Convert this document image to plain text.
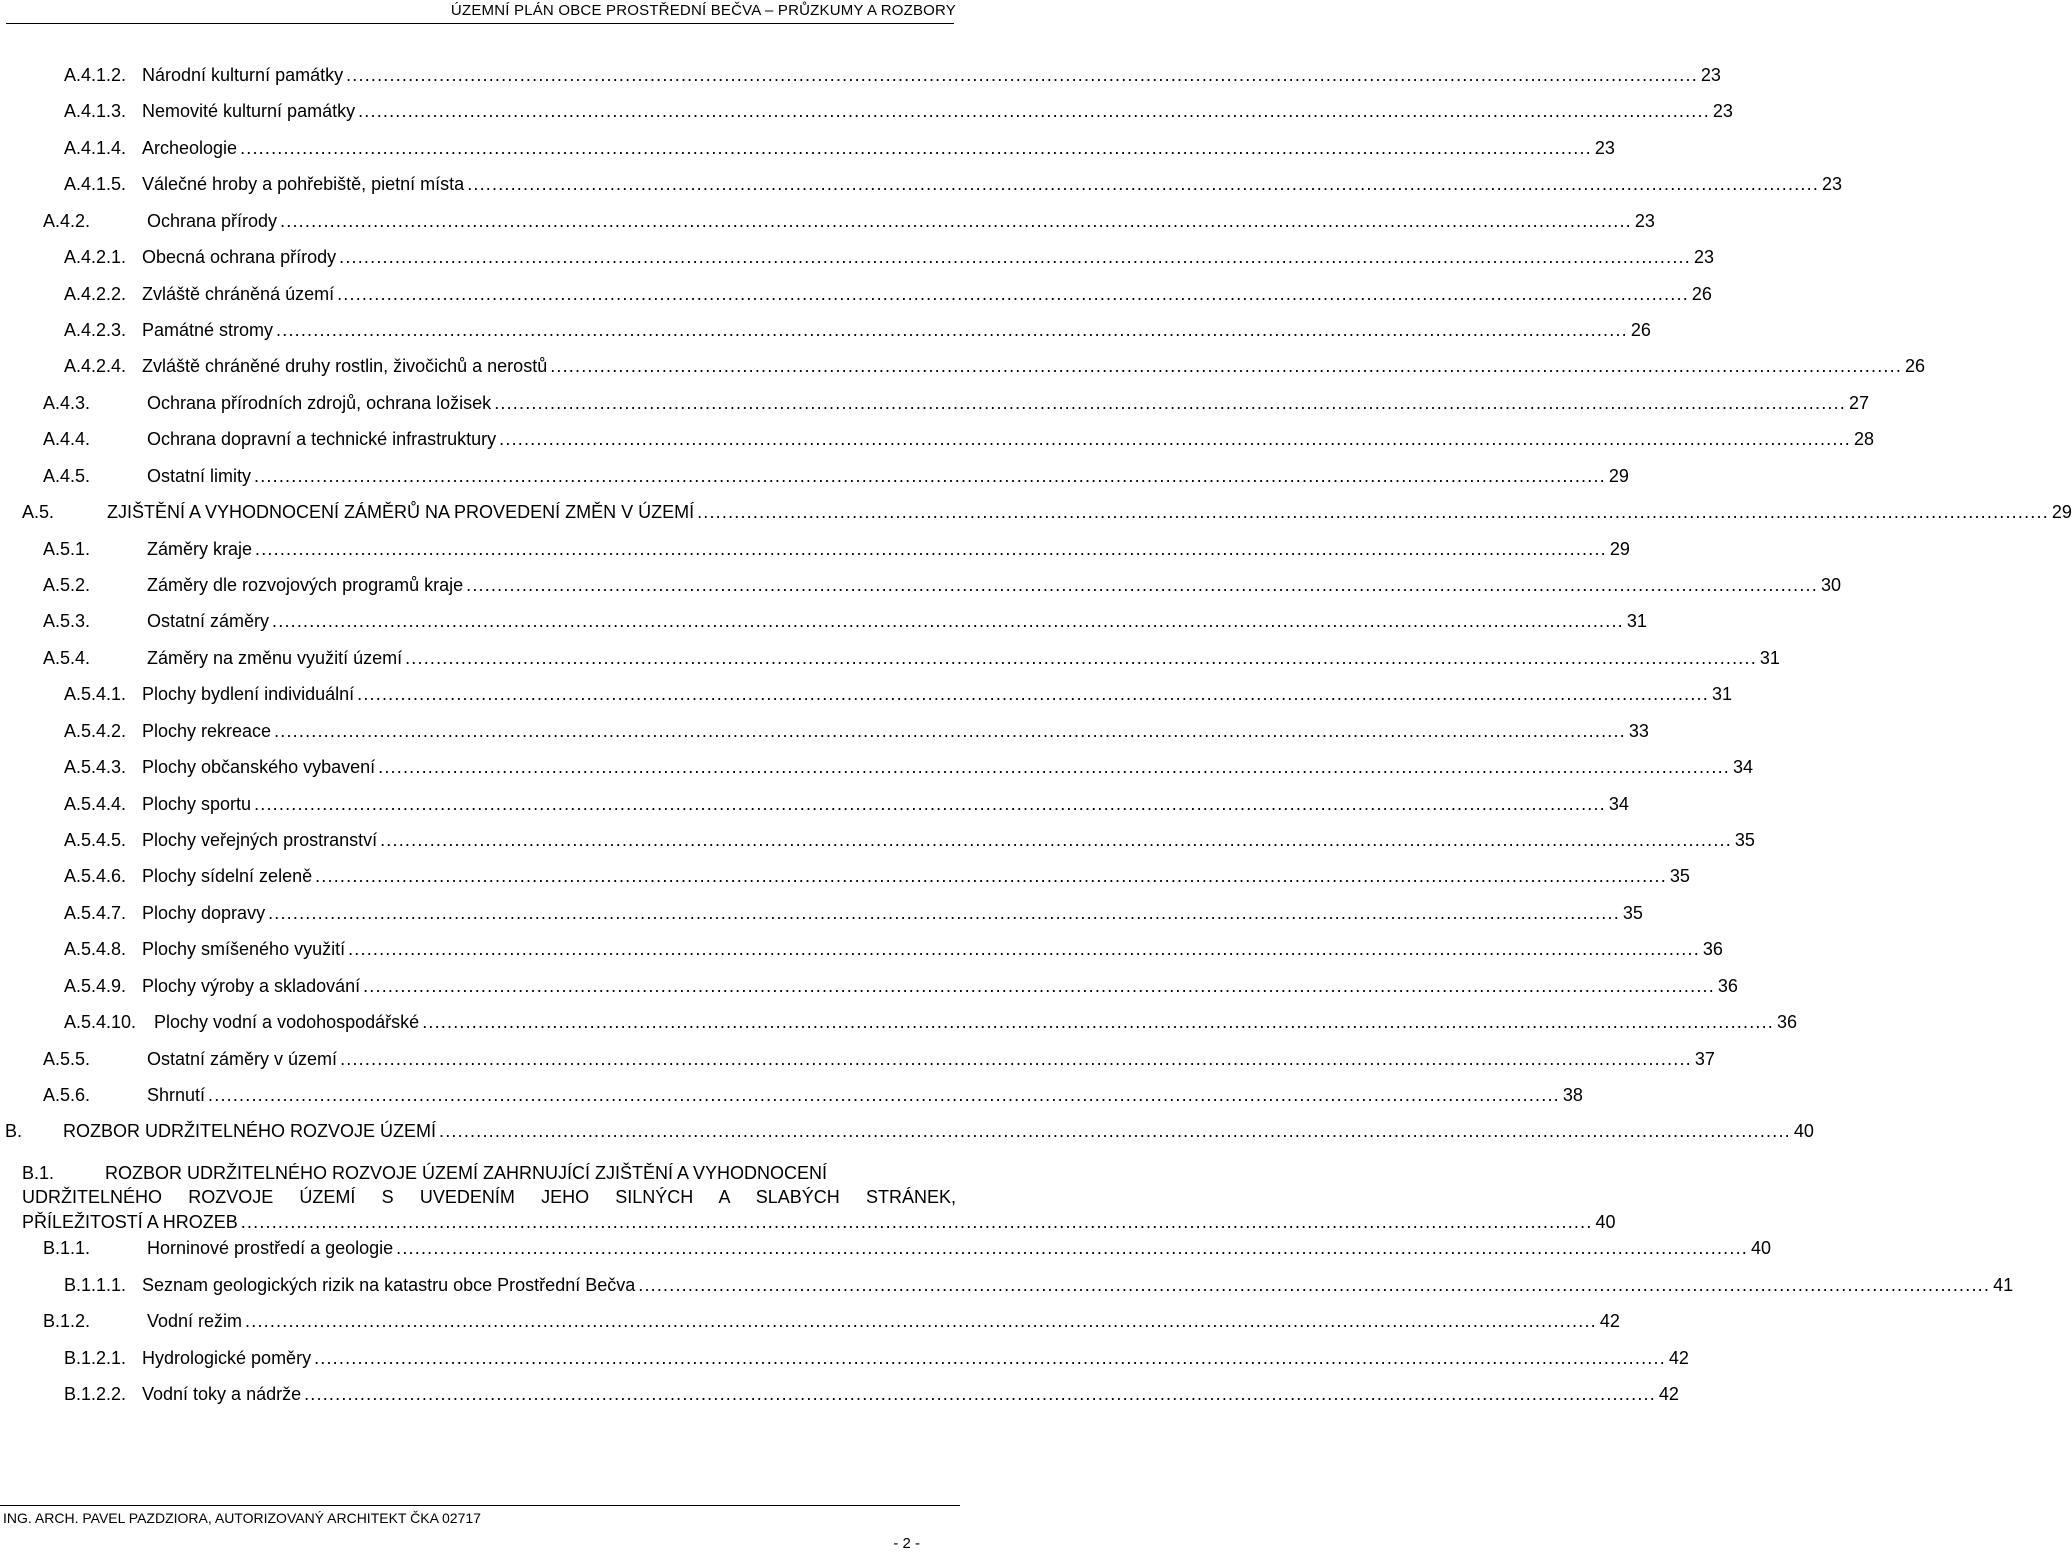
ÚZEMNÍ PLÁN OBCE PROSTŘEDNÍ BEČVA – PRŮZKUMY A ROZBORY
A.4.1.2. Národní kulturní památky .......................................................................................................................................................................................................................... 23
A.4.1.3. Nemovité kulturní památky .......................................................................................................................................................................................................................... 23
A.4.1.4. Archeologie .......................................................................................................................................................................................................................... 23
A.4.1.5. Válečné hroby a pohřebiště, pietní místa .......................................................................................................................................................................................................................... 23
A.4.2.	Ochrana přírody .......................................................................................................................................................................................................................... 23
A.4.2.1. Obecná ochrana přírody .......................................................................................................................................................................................................................... 23
A.4.2.2. Zvláště chráněná území .......................................................................................................................................................................................................................... 26
A.4.2.3. Památné stromy .......................................................................................................................................................................................................................... 26
A.4.2.4. Zvláště chráněné druhy rostlin, živočichů a nerostů .......................................................................................................................................................................................................................... 26
A.4.3.	Ochrana přírodních zdrojů, ochrana ložisek .......................................................................................................................................................................................................................... 27
A.4.4.	Ochrana dopravní a technické infrastruktury .......................................................................................................................................................................................................................... 28
A.4.5.	Ostatní limity .......................................................................................................................................................................................................................... 29
A.5.	ZJIŠTĚNÍ A VYHODNOCENÍ ZÁMĚRŮ NA PROVEDENÍ ZMĚN V ÚZEMÍ .......................................................................................................................................................................................................................... 29
A.5.1.	Záměry kraje .......................................................................................................................................................................................................................... 29
A.5.2.	Záměry dle rozvojových programů kraje .......................................................................................................................................................................................................................... 30
A.5.3.	Ostatní záměry .......................................................................................................................................................................................................................... 31
A.5.4.	Záměry na změnu využití území .......................................................................................................................................................................................................................... 31
A.5.4.1. Plochy bydlení individuální .......................................................................................................................................................................................................................... 31
A.5.4.2. Plochy rekreace .......................................................................................................................................................................................................................... 33
A.5.4.3. Plochy občanského vybavení .......................................................................................................................................................................................................................... 34
A.5.4.4. Plochy sportu .......................................................................................................................................................................................................................... 34
A.5.4.5. Plochy veřejných prostranství .......................................................................................................................................................................................................................... 35
A.5.4.6. Plochy sídelní zeleně .......................................................................................................................................................................................................................... 35
A.5.4.7. Plochy dopravy .......................................................................................................................................................................................................................... 35
A.5.4.8. Plochy smíšeného využití .......................................................................................................................................................................................................................... 36
A.5.4.9. Plochy výroby a skladování .......................................................................................................................................................................................................................... 36
A.5.4.10. Plochy vodní a vodohospodářské .......................................................................................................................................................................................................................... 36
A.5.5.	Ostatní záměry v území .......................................................................................................................................................................................................................... 37
A.5.6.	Shrnutí .......................................................................................................................................................................................................................... 38
B. ROZBOR UDRŽITELNÉHO ROZVOJE ÚZEMÍ .......................................................................................................................................................................................................................... 40
B.1.	ROZBOR UDRŽITELNÉHO ROZVOJE ÚZEMÍ ZAHRNUJÍCÍ ZJIŠTĚNÍ A VYHODNOCENÍ
UDRŽITELNÉHO ROZVOJE ÚZEMÍ S UVEDENÍM JEHO SILNÝCH A SLABÝCH STRÁNEK,
PŘÍLEŽITOSTÍ A HROZEB .......................................................................................................................................................................................................................... 40
B.1.1.	Horninové prostředí a geologie .......................................................................................................................................................................................................................... 40
B.1.1.1. Seznam geologických rizik na katastru obce Prostřední Bečva .......................................................................................................................................................................................................................... 41
B.1.2.	Vodní režim .......................................................................................................................................................................................................................... 42
B.1.2.1. Hydrologické poměry .......................................................................................................................................................................................................................... 42
B.1.2.2. Vodní toky a nádrže .......................................................................................................................................................................................................................... 42
ING. ARCH. PAVEL PAZDZIORA, AUTORIZOVANÝ ARCHITEKT ČKA 02717
- 2 -
